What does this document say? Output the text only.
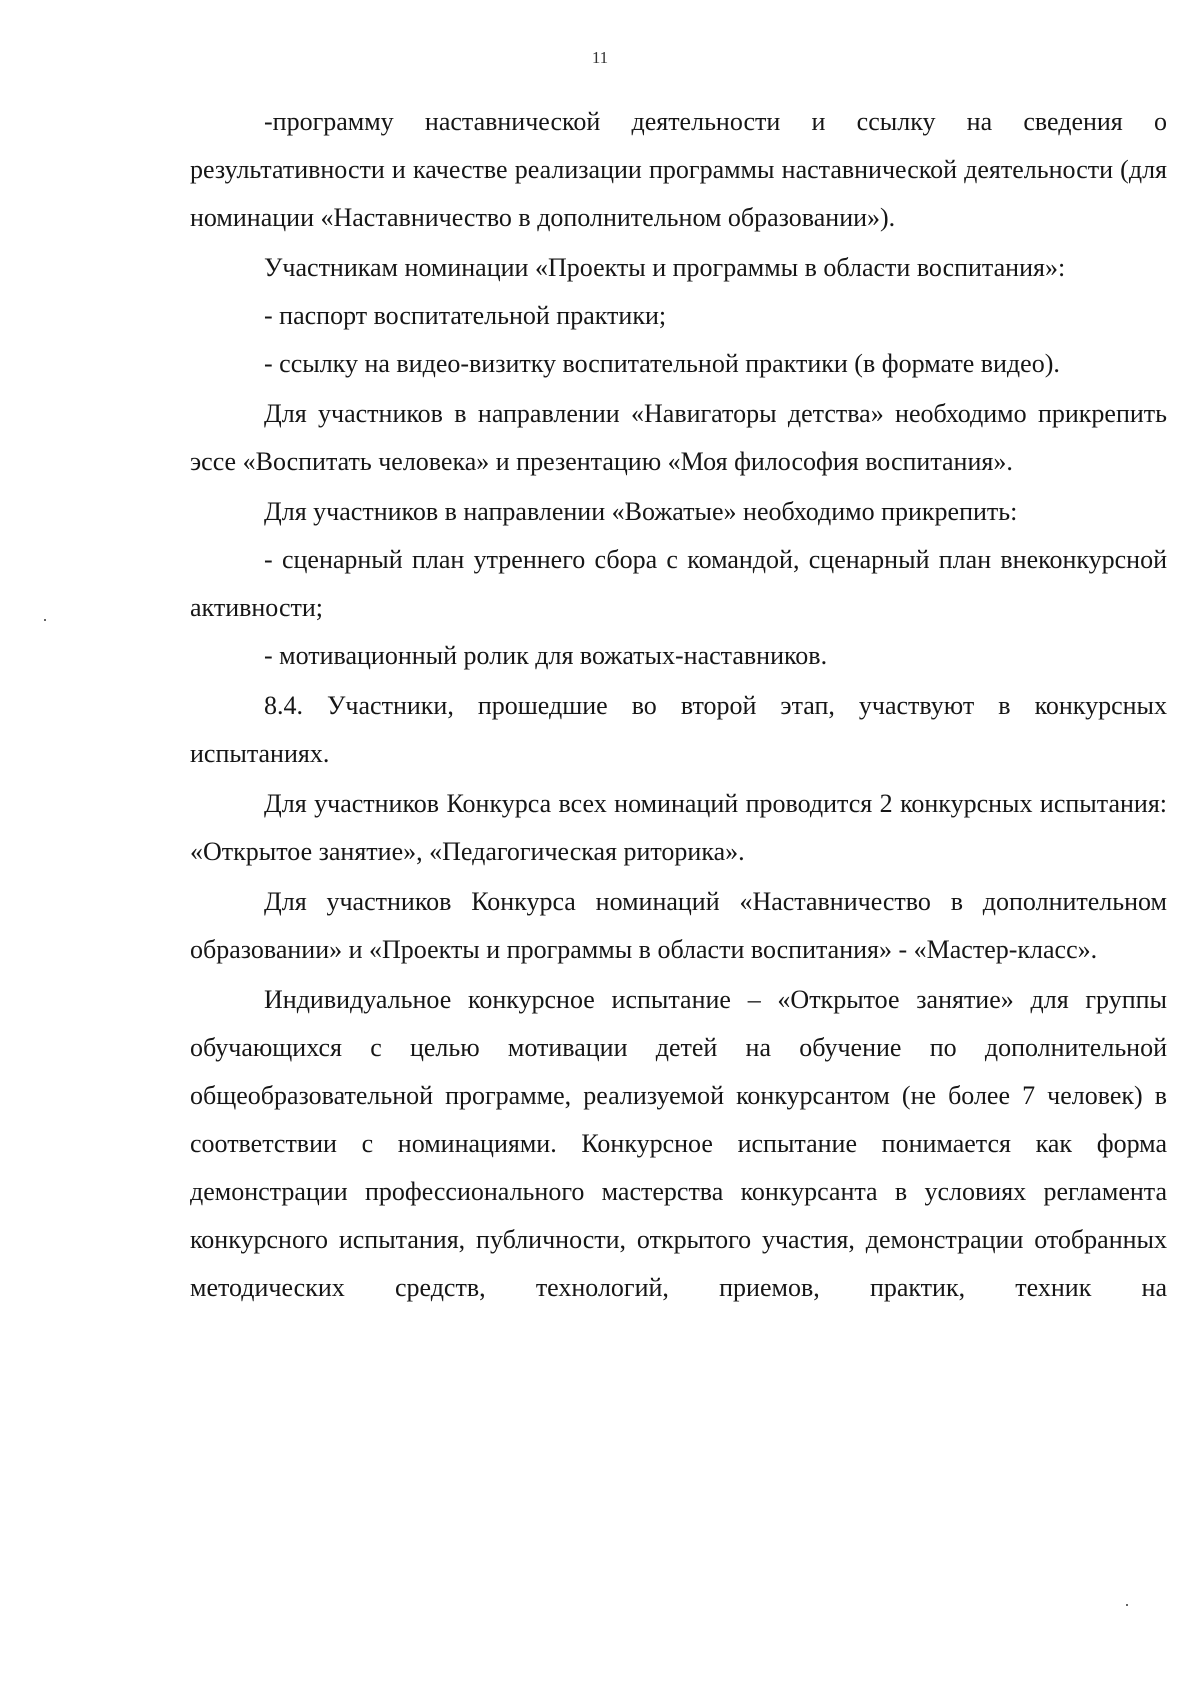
11

-программу наставнической деятельности и ссылку на сведения о результативности и качестве реализации программы наставнической деятельности (для номинации «Наставничество в дополнительном образовании»).

Участникам номинации «Проекты и программы в области воспитания»:

- паспорт воспитательной практики;

- ссылку на видео-визитку воспитательной практики (в формате видео).

Для участников в направлении «Навигаторы детства» необходимо прикрепить эссе «Воспитать человека» и презентацию «Моя философия воспитания».

Для участников в направлении «Вожатые» необходимо прикрепить:

- сценарный план утреннего сбора с командой, сценарный план внеконкурсной активности;

- мотивационный ролик для вожатых-наставников.

8.4. Участники, прошедшие во второй этап, участвуют в конкурсных испытаниях.

Для участников Конкурса всех номинаций проводится 2 конкурсных испытания: «Открытое занятие», «Педагогическая риторика».

Для участников Конкурса номинаций «Наставничество в дополнительном образовании» и «Проекты и программы в области воспитания» - «Мастер-класс».

Индивидуальное конкурсное испытание – «Открытое занятие» для группы обучающихся с целью мотивации детей на обучение по дополнительной общеобразовательной программе, реализуемой конкурсантом (не более 7 человек) в соответствии с номинациями. Конкурсное испытание понимается как форма демонстрации профессионального мастерства конкурсанта в условиях регламента конкурсного испытания, публичности, открытого участия, демонстрации отобранных методических средств, технологий, приемов, практик, техник на
